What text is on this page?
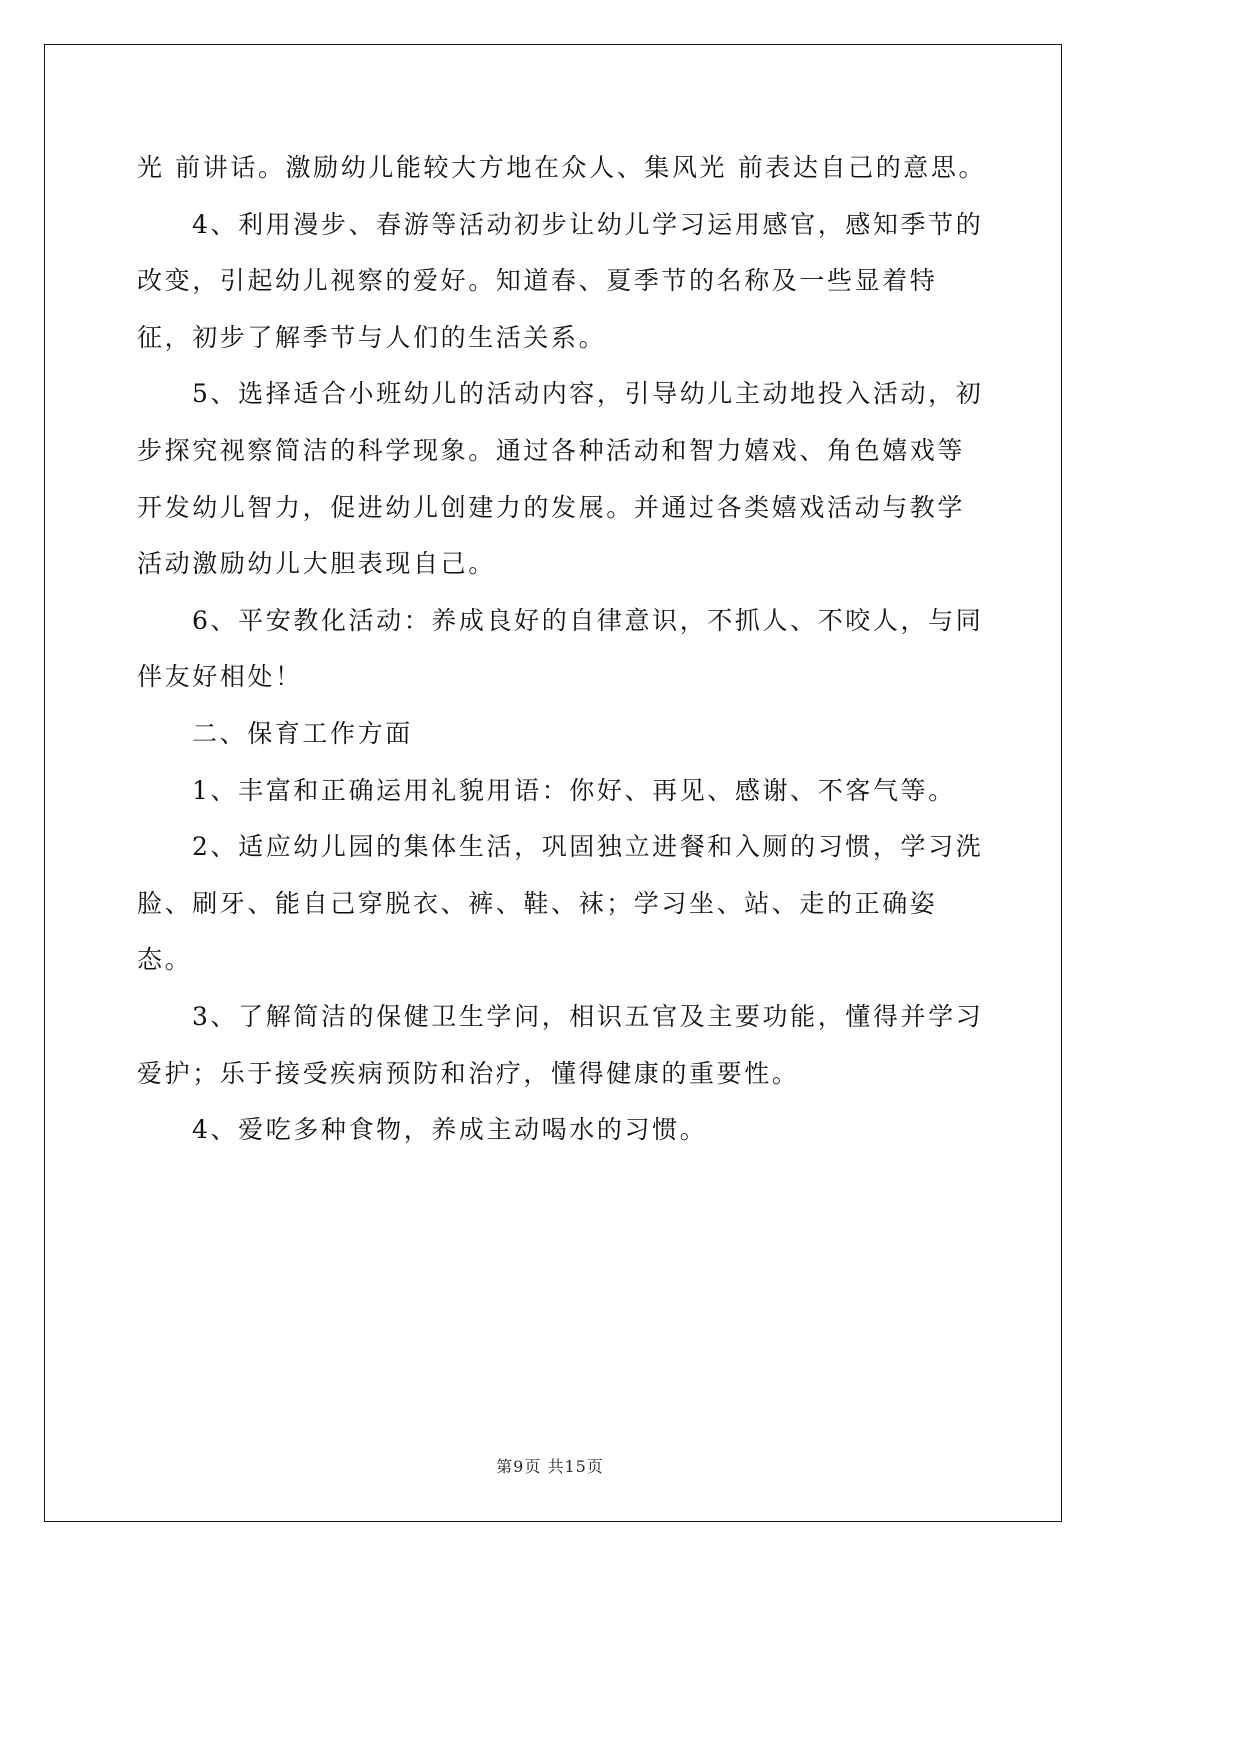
光 前讲话。激励幼儿能较大方地在众人、集风光 前表达自己的意思。

4、利用漫步、春游等活动初步让幼儿学习运用感官，感知季节的改变，引起幼儿视察的爱好。知道春、夏季节的名称及一些显着特征，初步了解季节与人们的生活关系。

5、选择适合小班幼儿的活动内容，引导幼儿主动地投入活动，初步探究视察简洁的科学现象。通过各种活动和智力嬉戏、角色嬉戏等开发幼儿智力，促进幼儿创建力的发展。并通过各类嬉戏活动与教学活动激励幼儿大胆表现自己。

6、平安教化活动：养成良好的自律意识，不抓人、不咬人，与同伴友好相处！

二、保育工作方面

1、丰富和正确运用礼貌用语：你好、再见、感谢、不客气等。

2、适应幼儿园的集体生活，巩固独立进餐和入厕的习惯，学习洗脸、刷牙、能自己穿脱衣、裤、鞋、袜；学习坐、站、走的正确姿态。

3、了解简洁的保健卫生学问，相识五官及主要功能，懂得并学习爱护；乐于接受疾病预防和治疗，懂得健康的重要性。

4、爱吃多种食物，养成主动喝水的习惯。

第9页 共15页
